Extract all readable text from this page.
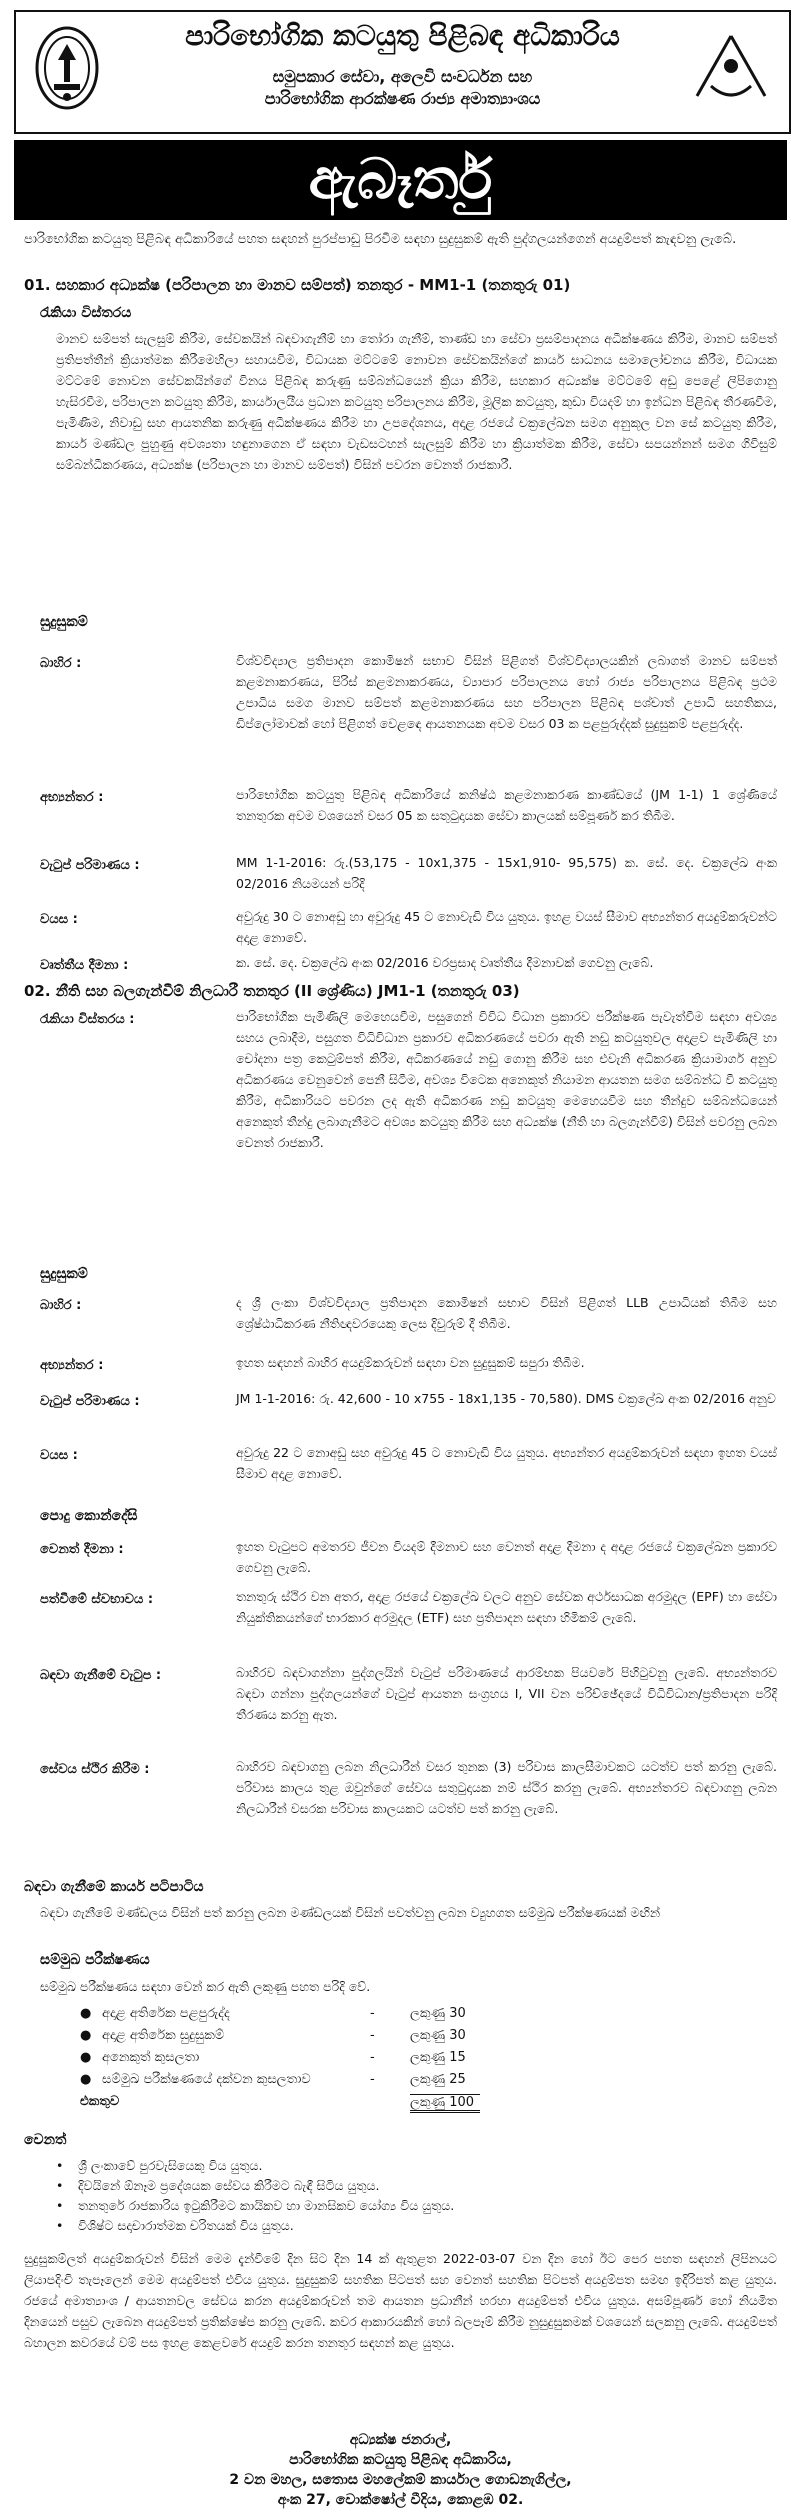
පාරිභෝගික කටයුතු පිළිබඳ අධිකාරිය
සමුපකාර සේවා, අලෙවි සංවර්ධන සහ
පාරිභෝගික ආරක්ෂණ රාජ්‍ය අමාත්‍යාංශය
ඇබෑර්තු
පාරිභෝගික කටයුතු පිළිබඳ අධිකාරියේ පහත සඳහන් පුරප්පාඩු පිරවීම සඳහා සුදුසුකම් ඇති පුද්ගලයන්ගෙන් අයදුම්පත් කැඳවනු ලැබේ.
01. සහකාර අධ්‍යක්ෂ (පරිපාලන හා මානව සම්පත්) තනතුර - MM1-1 (තනතුරු 01)
රැකියා විස්තරය
මානව සම්පත් සැලසුම් කිරීම, සේවකයින් බඳවාගැනීම් හා තෝරා ගැනීම්, තාණ්ඩ හා සේවා ප්‍රසම්පාදනය අධීක්ෂණය කිරීම, මානව සම්පත් ප්‍රතිපත්තීන් ක්‍රියාත්මක කිරීමෙහිලා සහායවීම, විධායක මට්ටමේ නොවන සේවකයින්ගේ කාර්ය සාධනය සමාලෝචනය කිරීම, විධායක මට්ටමේ නොවන සේවකයින්ගේ විනය පිළිබඳ කරුණු සම්බන්ධයෙන් ක්‍රියා කිරීම, සහකාර අධ්‍යක්ෂ මට්ටමේ අඩු පෙළේ ලිපිගොනු හැසිරවීම, පරිපාලන කටයුතු කිරීම, කාර්යාලයීය ප්‍රධාන කටයුතු පරිපාලනය කිරීම, මූලික කටයුතු, කුඩා වියදම් හා ඉන්ධන පිළිබඳ තීරණවීම, පැමිණීම, නිවාඩු සහ ආයතනික කරුණු අධීක්ෂණය කිරීම හා උපදේශනය, අදාළ රජයේ චක්‍රලේඛන සමග අනුකූල වන සේ කටයුතු කිරීම, කාර්ය මණ්ඩල පුහුණු අවශ්‍යතා හඳුනාගෙන ඒ සඳහා වැඩසටහන් සැලසුම් කිරීම හා ක්‍රියාත්මක කිරීම, සේවා සපයන්නන් සමග ගිවිසුම් සම්බන්ධීකරණය, අධ්‍යක්ෂ (පරිපාලන හා මානව සම්පත්) විසින් පවරන වෙනත් රාජකාරී.
සුදුසුකම්
බාහිර :	විශ්වවිද්‍යාල ප්‍රතිපාදන කොමිෂන් සභාව විසින් පිළිගත් විශ්වවිද්‍යාලයකින් ලබාගත් මානව සම්පත් කළමනාකරණය, පිරිස් කළමනාකරණය, ව්‍යාපාර පරිපාලනය හෝ රාජ්‍ය පරිපාලනය පිළිබඳ ප්‍රථම උපාධිය සමග මානව සම්පත් කළමනාකරණය සහ පරිපාලන පිළිබඳ පශ්චාත් උපාධි සහතිකය, ඩිප්ලෝමාවක් හෝ පිළිගත් වෙළඳෙ ආයතනයක අවම වසර 03 ක පළපුරුද්දක් සුදුසුකම් පළපුරුද්ද.
අභ්‍යන්තර :	පාරිභෝගික කටයුතු පිළිබඳ අධිකාරියේ කනිෂ්ඨ කළමනාකරණ කාණ්ඩයේ (JM 1-1) 1 ශ්‍රේණියේ තනතුරක අවම වශයෙන් වසර 05 ක සතුටුදායක සේවා කාලයක් සම්පූර්ණ කර තිබීම.
වැටුප් පරිමාණය :	MM 1-1-2016: රු.(53,175 - 10x1,375 - 15x1,910- 95,575) ක. සේ. දෙ. චක්‍රලේඛ අංක 02/2016 නියමයන් පරිදි
වයස :	අවුරුදු 30 ට නොඅඩු හා අවුරුදු 45 ට නොවැඩි විය යුතුය. ඉහළ වයස් සීමාව අභ්‍යන්තර අයදුම්කරුවන්ට අදාළ නොවේ.
වෘත්තීය දීමනා :	ක. සේ. දෙ. චක්‍රලේඛ අංක 02/2016 වරප්‍රසාද වෘත්තීය දීමනාවක් ගෙවනු ලැබේ.
02. නීති සහ බලගැන්වීම් නිලධාරී තනතුර (II ශ්‍රේණිය) JM1-1 (තනතුරු 03)
රැකියා විස්තරය :	පාරිභෝගික පැමිණිලි මෙහෙයවීම, පසුගෙන් විවිධ විධාන ප්‍රකාරව පරීක්ෂණ පැවැත්වීම සඳහා අවශ්‍ය සහය ලබාදීම, පසුගත විධිවිධාන ප්‍රකාරව අධිකරණයේ පවරා ඇති නඩු කටයුතුවල අදාළව පැමිණිලි හා චෝදනා පත්‍ර කෙටුම්පත් කිරීම, අධිකරණයේ නඩු ගොනු කිරීම සහ එවැනි අධිකරණ ක්‍රියාමාර්ග අනුව අධිකරණය වෙනුවෙන් පෙනී සිටීම, අවශ්‍ය විටෙක අනෙකුත් නියාමන ආයතන සමග සම්බන්ධ වී කටයුතු කිරීම, අධිකාරියට පවරන ලද ඇති අධිකරණ නඩු කටයුතු මෙහෙයවීම සහ තීන්දුව සම්බන්ධයෙන් අනෙකුත් තීන්දු ලබාගැනීමට අවශ්‍ය කටයුතු කිරීම සහ අධ්‍යක්ෂ (නීති හා බලගැන්වීම්) විසින් පවරනු ලබන වෙනත් රාජකාරී.
සුදුසුකම්
බාහිර :	ද ශ්‍රී ලංකා විශ්වවිද්‍යාල ප්‍රතිපාදන කොමිෂන් සභාව විසින් පිළිගත් LLB උපාධියක් තිබීම සහ ශ්‍රේෂ්ඨාධිකරණ නීතිඥවරයෙකු ලෙස දිවුරුම් දී තිබීම.
අභ්‍යන්තර :	ඉහත සඳහන් බාහිර අයදුම්කරුවන් සඳහා වන සුදුසුකම් සපුරා තිබීම.
වැටුප් පරිමාණය :	JM 1-1-2016: රු. 42,600 - 10 x755 - 18x1,135 - 70,580). DMS චක්‍රලේඛ අංක 02/2016 අනුව
වයස :	අවුරුදු 22 ට නොඅඩු සහ අවුරුදු 45 ට නොවැඩි විය යුතුය. අභ්‍යන්තර අයදුම්කරුවන් සඳහා ඉහත වයස් සීමාව අදාළ නොවේ.
පොදු කොන්දේසි
වෙනත් දීමනා :	ඉහත වැටුපට අමතරව ජීවන වියදම් දීමනාව සහ වෙනත් අදාළ දීමනා ද අදාළ රජයේ චක්‍රලේඛන ප්‍රකාරව ගෙවනු ලැබේ.
පත්වීමේ ස්වභාවය :	තනතුරු ස්ථිර වන අතර, අදාළ රජයේ චක්‍රලේඛ වලට අනුව සේවක අර්ථසාධක අරමුදල (EPF) හා සේවා නියුක්තිකයන්ගේ භාරකාර අරමුදල (ETF) සහ ප්‍රතිපාදන සඳහා හිමිකම් ලැබේ.
බඳවා ගැනීමේ වැටුප :	බාහිරව බඳවාගන්නා පුද්ගලයින් වැටුප් පරිමාණයේ ආරම්භක පියවරේ පිහිටුවනු ලැබේ. අභ්‍යන්තරව බඳවා ගන්නා පුද්ගලයන්ගේ වැටුප් ආයතන සංග්‍රහය I, VII වන පරිච්ඡේදයේ විධිවිධාන/ප්‍රතිපාදන පරිදි තීරණය කරනු ඇත.
සේවය ස්ථිර කිරීම :	බාහිරව බඳවාගනු ලබන නිලධාරීන් වසර තුනක (3) පරිවාස කාලසීමාවකට යටත්ව පත් කරනු ලැබේ. පරිවාස කාලය තුළ ඔවුන්ගේ සේවය සතුටුදායක නම් ස්ථිර කරනු ලැබේ. අභ්‍යන්තරව බඳවාගනු ලබන නිලධාරීන් වසරක පරිවාස කාලයකට යටත්ව පත් කරනු ලැබේ.
බඳවා ගැනීමේ කාර්ය පටිපාටිය
බඳවා ගැනීමේ මණ්ඩලය විසින් පත් කරනු ලබන මණ්ඩලයක් විසින් පවත්වනු ලබන ව්‍යුහගත සම්මුඛ පරීක්ෂණයක් මඟින්
සම්මුඛ පරීක්ෂණය
සම්මුඛ පරීක්ෂණය සඳහා වෙන් කර ඇති ලකුණු පහත පරිදි වේ.
● අදාළ අතිරේක පළපුරුද්ද	-	ලකුණු 30
● අදාළ අතිරේක සුදුසුකම්	-	ලකුණු 30
● අනෙකුත් කුසලතා	-	ලකුණු 15
● සම්මුඛ පරීක්ෂණයේ දක්වන කුසලතාව	-	ලකුණු 25
එකතුව	ලකුණු 100
වෙනත්
• ශ්‍රී ලංකාවේ පුරවැසියෙකු විය යුතුය.
• දිවයිනේ ඕනෑම ප්‍රදේශයක සේවය කිරීමට බැඳී සිටිය යුතුය.
• තනතුරේ රාජකාරිය ඉටුකිරීමට කායිකව හා මානසිකව යෝග්‍ය විය යුතුය.
• විශිෂ්ට සදාචාරාත්මක චරිතයක් විය යුතුය.
සුදුසුකම්ලත් අයදුම්කරුවන් විසින් මෙම දැන්වීමේ දින සිට දින 14 ක් ඇතුළත 2022-03-07 වන දින හෝ ඊට පෙර පහත සඳහන් ලිපිනයට ලියාපදිංචි තැපෑලෙන් මෙම අයදුම්පත් එවිය යුතුය. සුදුසුකම් සහතික පිටපත් සහ වෙනත් සහතික පිටපත් අයදුම්පත සමඟ ඉදිරිපත් කළ යුතුය. රජයේ අමාත්‍යාංශ / ආයතනවල සේවය කරන අයදුම්කරුවන් තම ආයතන ප්‍රධානීන් හරහා අයදුම්පත් එවිය යුතුය. අසම්පූර්ණ හෝ නියමිත දිනයෙන් පසුව ලැබෙන අයදුම්පත් ප්‍රතික්ෂේප කරනු ලැබේ. කවර ආකාරයකින් හෝ බලපෑම් කිරීම නුසුදුසුකමක් වශයෙන් සලකනු ලැබේ. අයදුම්පත් බහාලන කවරයේ වම් පස ඉහළ කෙළවරේ අයදුම් කරන තනතුර සඳහන් කළ යුතුය.
අධ්‍යක්ෂ ජනරාල්,
පාරිභෝගික කටයුතු පිළිබඳ අධිකාරිය,
2 වන මහල, සතොස මහලේකම් කාර්යාල ගොඩනැගිල්ල,
අංක 27, වොක්ෂෝල් වීදිය, කොළඹ 02.
